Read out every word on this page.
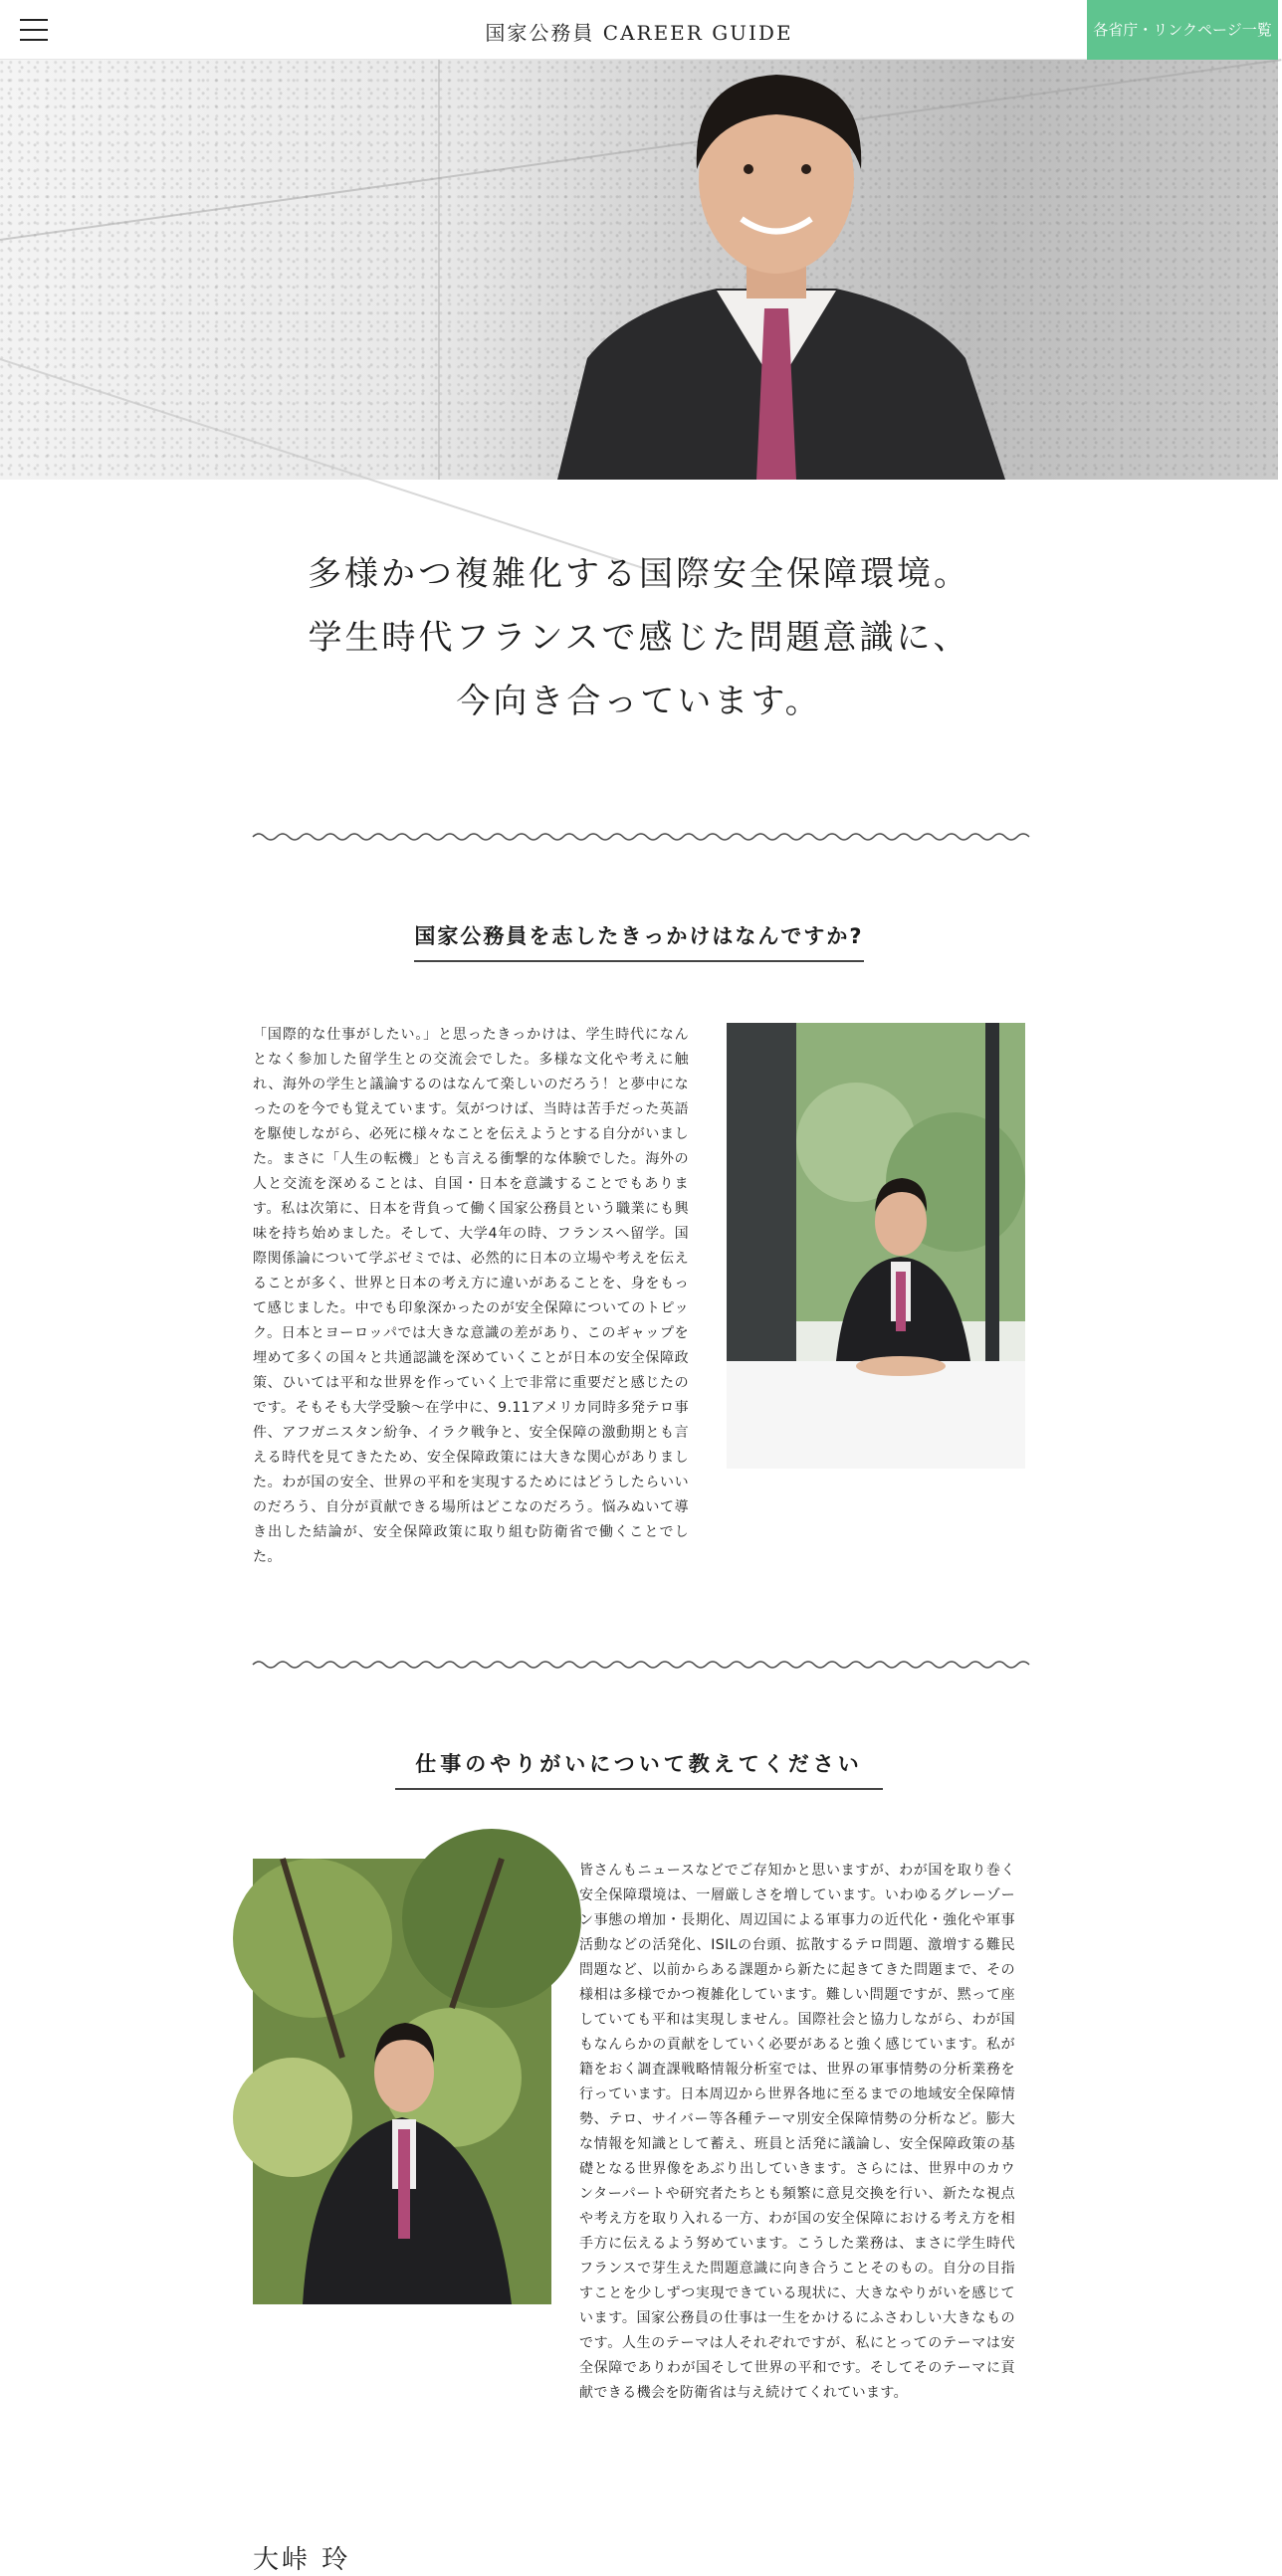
国家公務員 CAREER GUIDE	各省庁・リンクページ一覧

多様かつ複雑化する国際安全保障環境。

学生時代フランスで感じた問題意識に、

今向き合っています。

国家公務員を志したきっかけはなんですか?
「国際的な仕事がしたい。」と思ったきっかけは、学生時代になんとなく参加した留学生との交流会でした。多様な文化や考えに触れ、海外の学生と議論するのはなんて楽しいのだろう！と夢中になったのを今でも覚えています。気がつけば、当時は苦手だった英語を駆使しながら、必死に様々なことを伝えようとする自分がいました。まさに「人生の転機」とも言える衝撃的な体験でした。海外の人と交流を深めることは、自国・日本を意識することでもあります。私は次第に、日本を背負って働く国家公務員という職業にも興味を持ち始めました。そして、大学4年の時、フランスへ留学。国際関係論について学ぶゼミでは、必然的に日本の立場や考えを伝えることが多く、世界と日本の考え方に違いがあることを、身をもって感じました。中でも印象深かったのが安全保障についてのトピック。日本とヨーロッパでは大きな意識の差があり、このギャップを埋めて多くの国々と共通認識を深めていくことが日本の安全保障政策、ひいては平和な世界を作っていく上で非常に重要だと感じたのです。そもそも大学受験〜在学中に、9.11アメリカ同時多発テロ事件、アフガニスタン紛争、イラク戦争と、安全保障の激動期とも言える時代を見てきたため、安全保障政策には大きな関心がありました。わが国の安全、世界の平和を実現するためにはどうしたらいいのだろう、自分が貢献できる場所はどこなのだろう。悩みぬいて導き出した結論が、安全保障政策に取り組む防衛省で働くことでした。
仕事のやりがいについて教えてください
皆さんもニュースなどでご存知かと思いますが、わが国を取り巻く安全保障環境は、一層厳しさを増しています。いわゆるグレーゾーン事態の増加・長期化、周辺国による軍事力の近代化・強化や軍事活動などの活発化、ISILの台頭、拡散するテロ問題、激増する難民問題など、以前からある課題から新たに起きてきた問題まで、その様相は多様でかつ複雑化しています。難しい問題ですが、黙って座していても平和は実現しません。国際社会と協力しながら、わが国もなんらかの貢献をしていく必要があると強く感じています。私が籍をおく調査課戦略情報分析室では、世界の軍事情勢の分析業務を行っています。日本周辺から世界各地に至るまでの地域安全保障情勢、テロ、サイバー等各種テーマ別安全保障情勢の分析など。膨大な情報を知識として蓄え、班員と活発に議論し、安全保障政策の基礎となる世界像をあぶり出していきます。さらには、世界中のカウンターパートや研究者たちとも頻繁に意見交換を行い、新たな視点や考え方を取り入れる一方、わが国の安全保障における考え方を相手方に伝えるよう努めています。こうした業務は、まさに学生時代フランスで芽生えた問題意識に向き合うことそのもの。自分の目指すことを少しずつ実現できている現状に、大きなやりがいを感じています。国家公務員の仕事は一生をかけるにふさわしい大きなものです。人生のテーマは人それぞれですが、私にとってのテーマは安全保障でありわが国そして世界の平和です。そしてそのテーマに貢献できる機会を防衛省は与え続けてくれています。
大峠 玲
